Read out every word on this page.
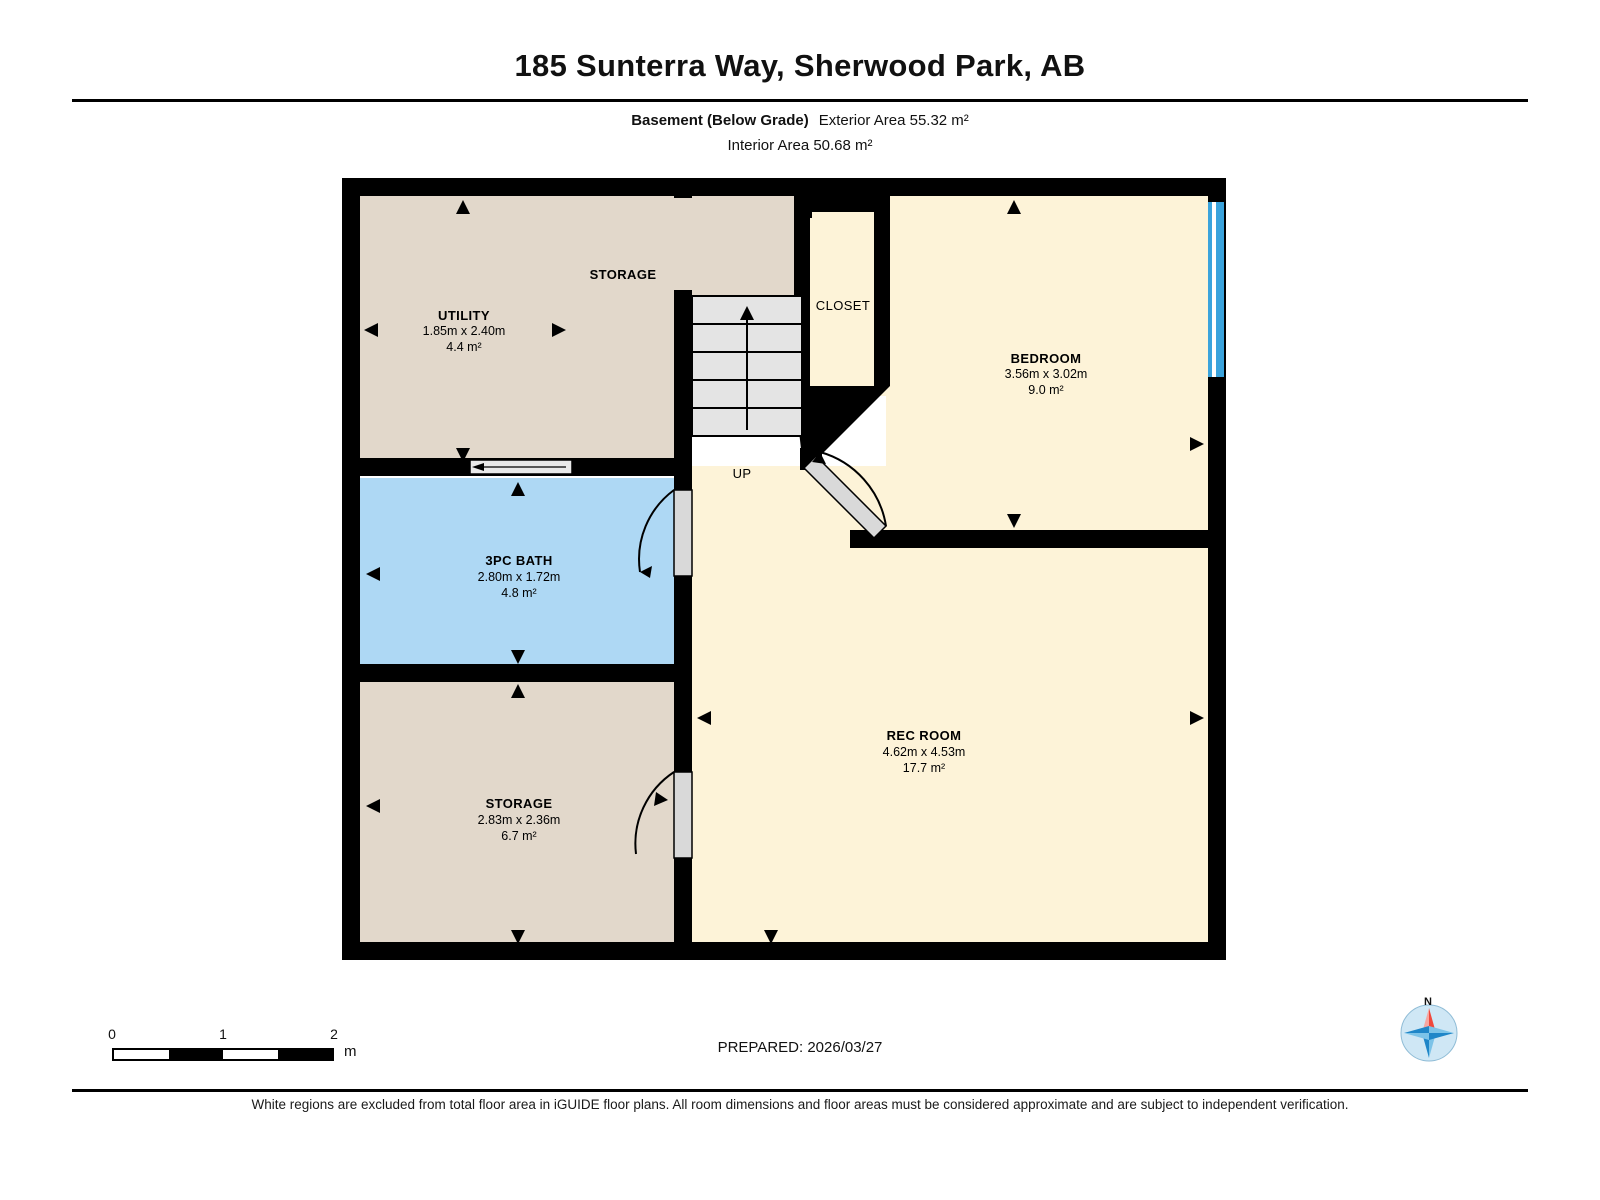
185 Sunterra Way, Sherwood Park, AB
Basement (Below Grade) Exterior Area 55.32 m²
Interior Area 50.68 m²
STORAGE
UTILITY
1.85m x 2.40m
4.4 m²
CLOSET
BEDROOM
3.56m x 3.02m
9.0 m²
UP
3PC BATH
2.80m x 1.72m
4.8 m²
STORAGE
2.83m x 2.36m
6.7 m²
REC ROOM
4.62m x 4.53m
17.7 m²
0	1	2
m	PREPARED: 2026/03/27
N
White regions are excluded from total floor area in iGUIDE floor plans. All room dimensions and floor areas must be considered approximate and are subject to independent verification.
